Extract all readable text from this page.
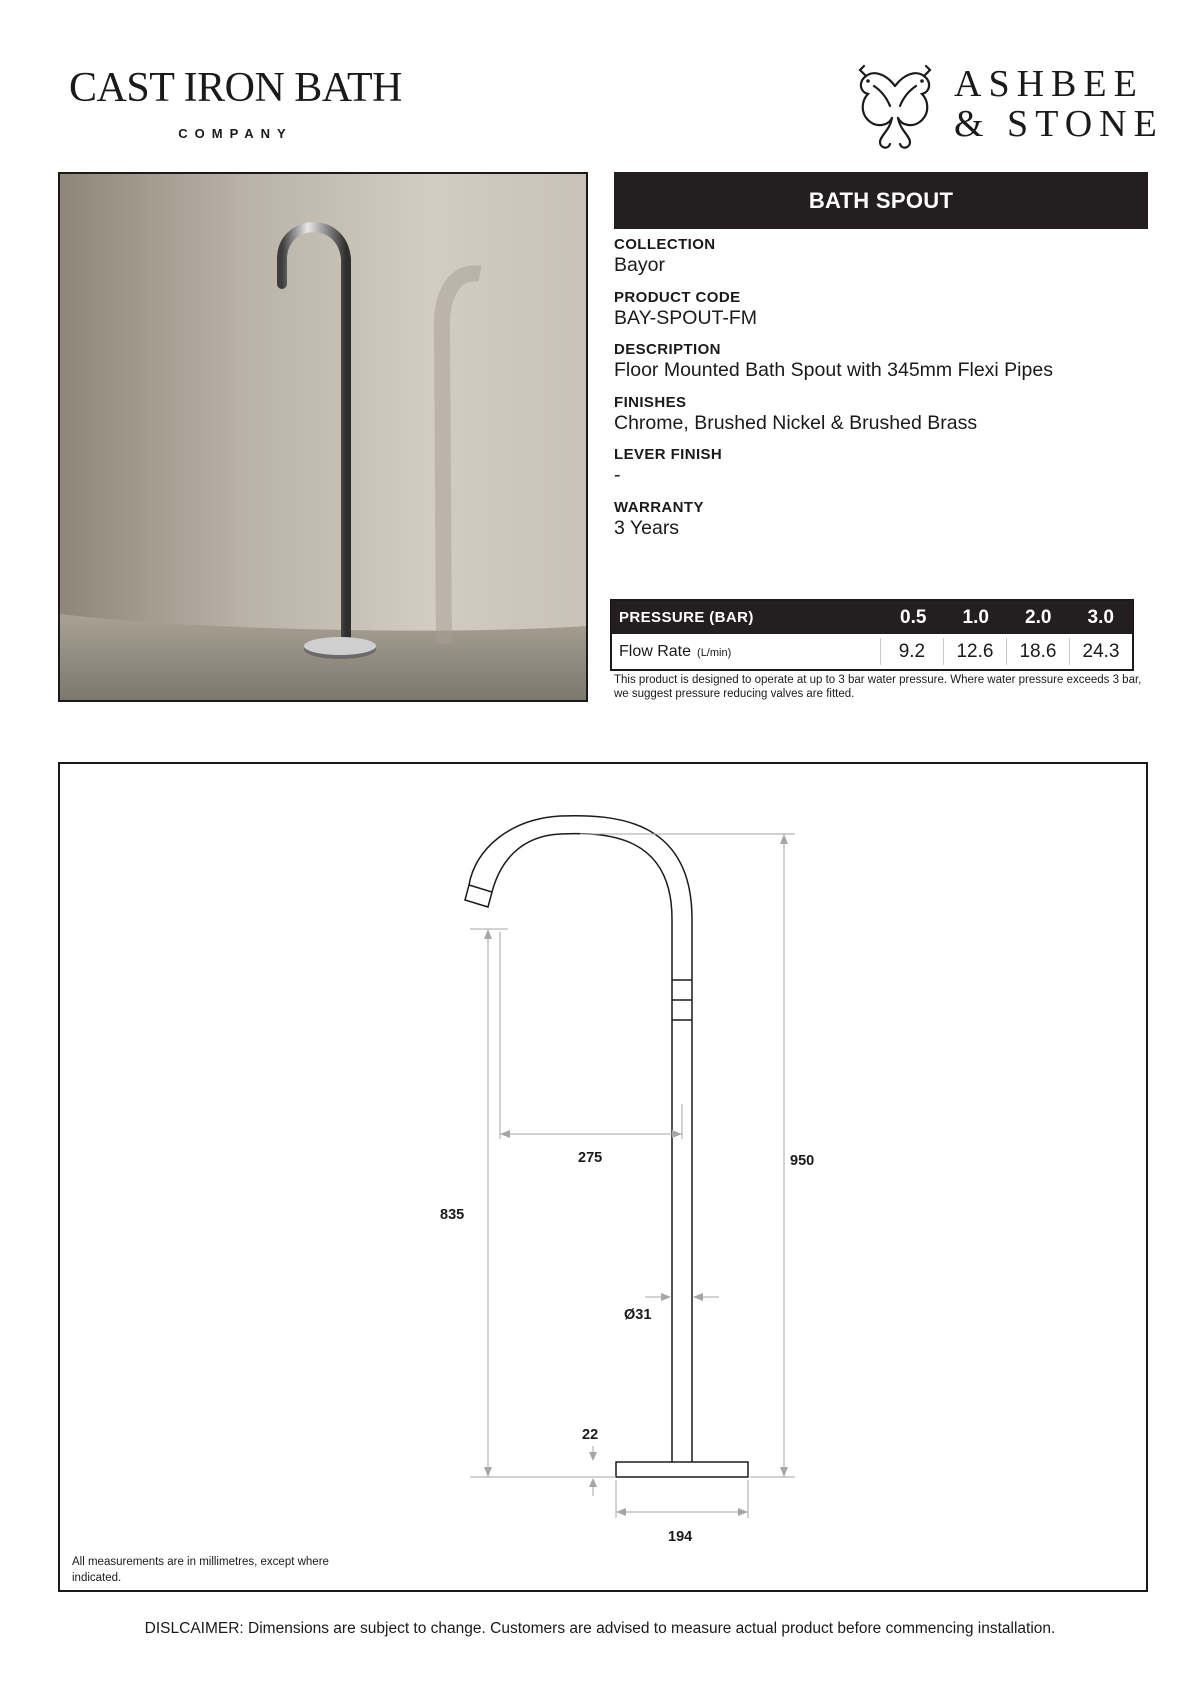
CAST IRON BATH
COMPANY
ASHBEE
& STONE
BATH SPOUT
COLLECTION
Bayor
PRODUCT CODE
BAY-SPOUT-FM
DESCRIPTION
Floor Mounted Bath Spout with 345mm Flexi Pipes
FINISHES
Chrome, Brushed Nickel & Brushed Brass
LEVER FINISH
-
WARRANTY
3 Years
PRESSURE (BAR)	0.5	1.0	2.0	3.0
Flow Rate (L/min)	9.2	12.6	18.6	24.3
This product is designed to operate at up to 3 bar water pressure. Where water pressure exceeds 3 bar, we suggest pressure reducing valves are fitted.
275	950
835
Ø31
22
194
All measurements are in millimetres, except where indicated.
DISLCAIMER: Dimensions are subject to change. Customers are advised to measure actual product before commencing installation.
